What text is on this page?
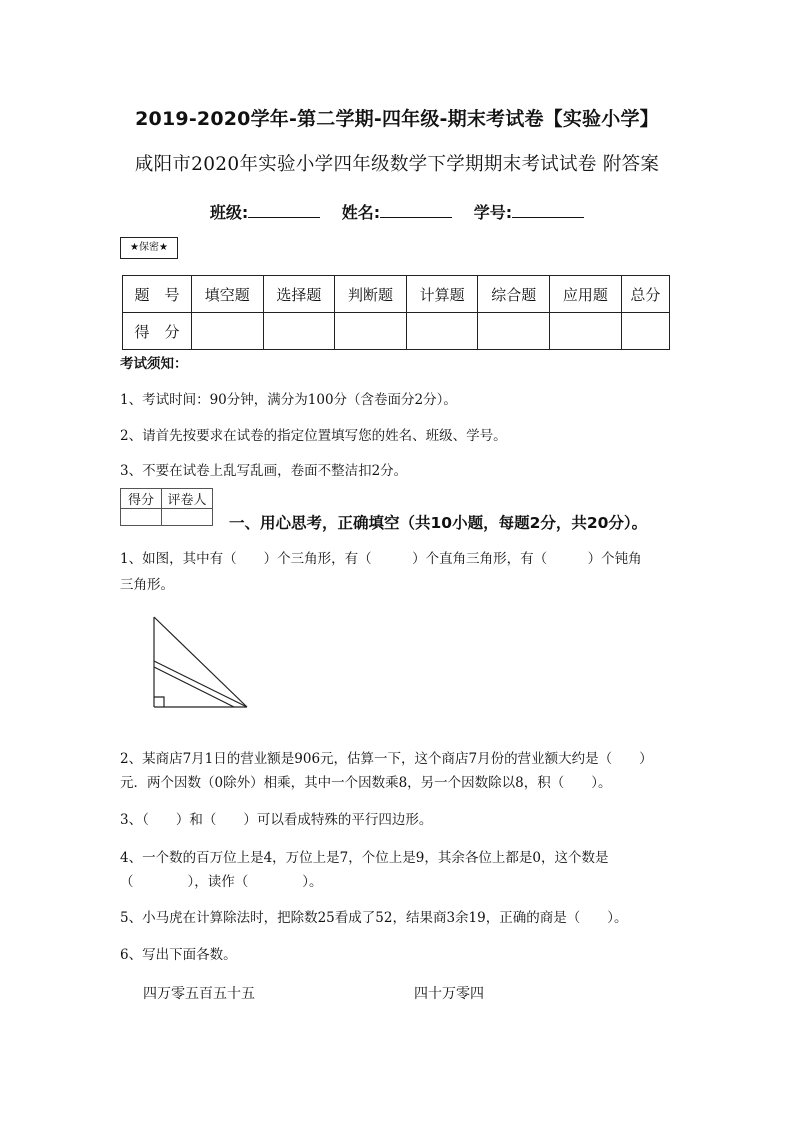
2019-2020学年-第二学期-四年级-期末考试卷【实验小学】
咸阳市2020年实验小学四年级数学下学期期末考试试卷 附答案
班级:	姓名:	学号:
★保密★
题　号	填空题	选择题	判断题	计算题	综合题	应用题	总分
得　分							
考试须知：
1、考试时间：90分钟，满分为100分（含卷面分2分）。
2、请首先按要求在试卷的指定位置填写您的姓名、班级、学号。
3、不要在试卷上乱写乱画，卷面不整洁扣2分。
得分	评卷人

一、用心思考，正确填空（共10小题，每题2分，共20分）。
1、如图，其中有（　　）个三角形，有（　　　）个直角三角形，有（　　　）个钝角
三角形。
2、某商店7月1日的营业额是906元，估算一下，这个商店7月份的营业额大约是（　　）
元．两个因数（0除外）相乘，其中一个因数乘8，另一个因数除以8，积（　　）。
3、（　　）和（　　）可以看成特殊的平行四边形。
4、一个数的百万位上是4，万位上是7，个位上是9，其余各位上都是0，这个数是
（　　　　），读作（　　　　）。
5、小马虎在计算除法时，把除数25看成了52，结果商3余19，正确的商是（　　）。
6、写出下面各数。
四万零五百五十五	四十万零四
